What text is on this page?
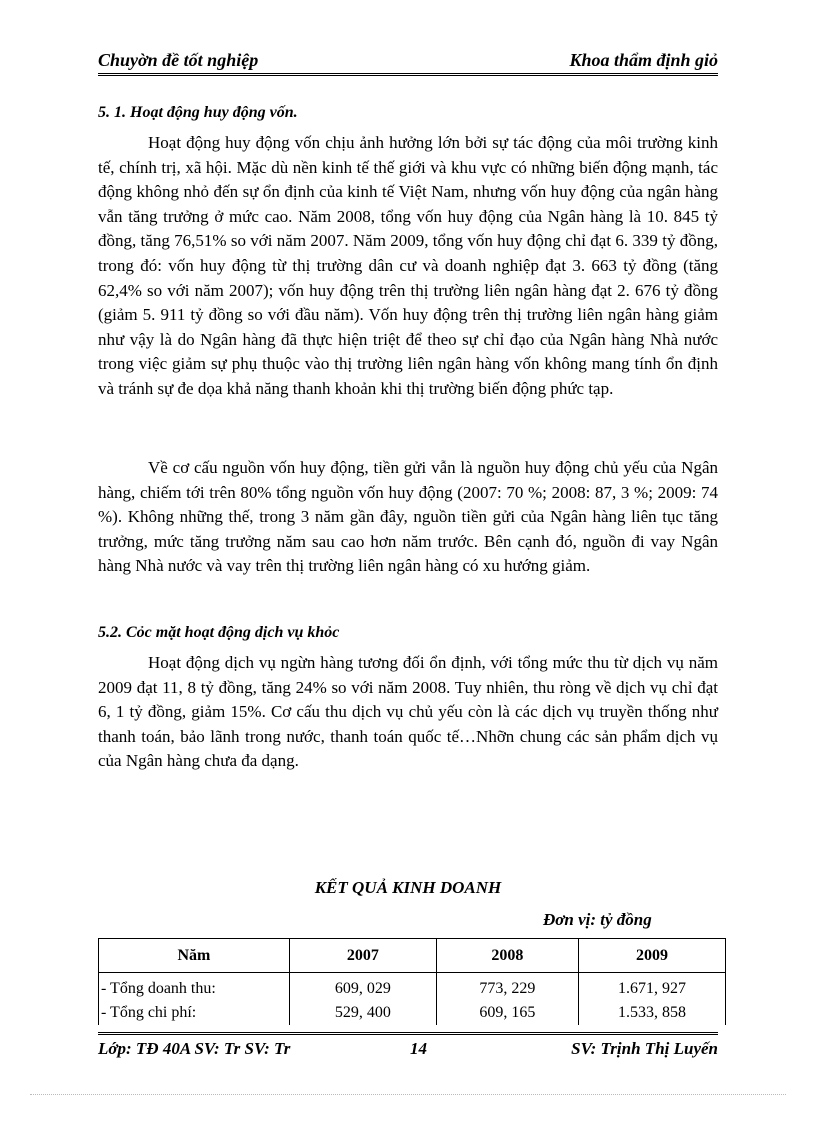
Chuyờn đề tốt nghiệp	Khoa thẩm định giỏ
5. 1. Hoạt động huy động vốn.

Hoạt động huy động vốn chịu ảnh hưởng lớn bởi sự tác động của môi trường kinh tế, chính trị, xã hội. Mặc dù nền kinh tế thế giới và khu vực có những biến động mạnh, tác động không nhỏ đến sự ổn định của kinh tế Việt Nam, nhưng vốn huy động của ngân hàng vẫn tăng trưởng ở mức cao. Năm 2008, tổng vốn huy động của Ngân hàng là 10. 845 tỷ đồng, tăng 76,51% so với năm 2007. Năm 2009, tổng vốn huy động chỉ đạt 6. 339 tỷ đồng, trong đó: vốn huy động từ thị trường dân cư và doanh nghiệp đạt 3. 663 tỷ đồng (tăng 62,4% so với năm 2007); vốn huy động trên thị trường liên ngân hàng đạt 2. 676 tỷ đồng (giảm 5. 911 tỷ đồng so với đầu năm). Vốn huy động trên thị trường liên ngân hàng giảm như vậy là do Ngân hàng đã thực hiện triệt để theo sự chỉ đạo của Ngân hàng Nhà nước trong việc giảm sự phụ thuộc vào thị trường liên ngân hàng vốn không mang tính ổn định và tránh sự đe dọa khả năng thanh khoản khi thị trường biến động phức tạp.

Về cơ cấu nguồn vốn huy động, tiền gửi vẫn là nguồn huy động chủ yếu của Ngân hàng, chiếm tới trên 80% tổng nguồn vốn huy động (2007: 70 %; 2008: 87, 3 %; 2009: 74 %). Không những thế, trong 3 năm gần đây, nguồn tiền gửi của Ngân hàng liên tục tăng trưởng, mức tăng trưởng năm sau cao hơn năm trước. Bên cạnh đó, nguồn đi vay Ngân hàng Nhà nước và vay trên thị trường liên ngân hàng có xu hướng giảm.

5.2. Cỏc mặt hoạt động dịch vụ khỏc

Hoạt động dịch vụ ngừn hàng tương đối ổn định, với tổng mức thu từ dịch vụ năm 2009 đạt 11, 8 tỷ đồng, tăng 24% so với năm 2008. Tuy nhiên, thu ròng về dịch vụ chỉ đạt 6, 1 tỷ đồng, giảm 15%. Cơ cấu thu dịch vụ chủ yếu còn là các dịch vụ truyền thống như thanh toán, bảo lãnh trong nước, thanh toán quốc tế…Nhỡn chung các sản phẩm dịch vụ của Ngân hàng chưa đa dạng.

KẾT QUẢ KINH DOANH
Đơn vị: tỷ đồng
Năm	2007	2008	2009
- Tổng doanh thu:	609, 029	773, 229	1.671, 927
- Tổng chi phí:	529, 400	609, 165	1.533, 858
Lớp: TĐ 40A SV: Tr SV: Tr	14	SV: Trịnh Thị Luyến
